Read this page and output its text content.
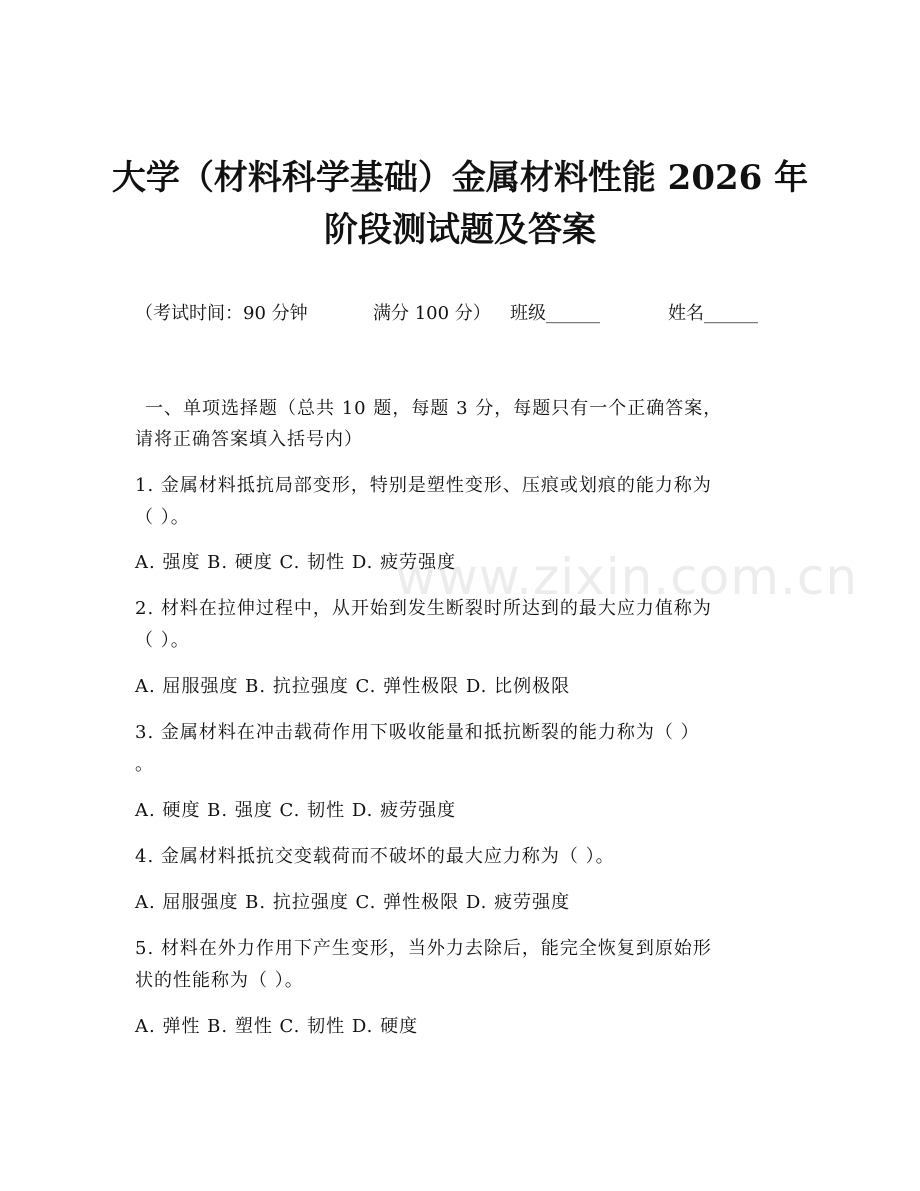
大学（材料科学基础）金属材料性能 2026 年
阶段测试题及答案
（考试时间：90 分钟	满分 100 分） 班级______	姓名______
一、单项选择题（总共 10 题，每题 3 分，每题只有一个正确答案，
请将正确答案填入括号内）
1. 金属材料抵抗局部变形，特别是塑性变形、压痕或划痕的能力称为
（ ）。
A. 强度 B. 硬度 C. 韧性 D. 疲劳强度
2. 材料在拉伸过程中，从开始到发生断裂时所达到的最大应力值称为
（ ）。
A. 屈服强度 B. 抗拉强度 C. 弹性极限 D. 比例极限
3. 金属材料在冲击载荷作用下吸收能量和抵抗断裂的能力称为（ ）
。
A. 硬度 B. 强度 C. 韧性 D. 疲劳强度
4. 金属材料抵抗交变载荷而不破坏的最大应力称为（ ）。
A. 屈服强度 B. 抗拉强度 C. 弹性极限 D. 疲劳强度
5. 材料在外力作用下产生变形，当外力去除后，能完全恢复到原始形
状的性能称为（ ）。
A. 弹性 B. 塑性 C. 韧性 D. 硬度
www.zixin.com.cn
